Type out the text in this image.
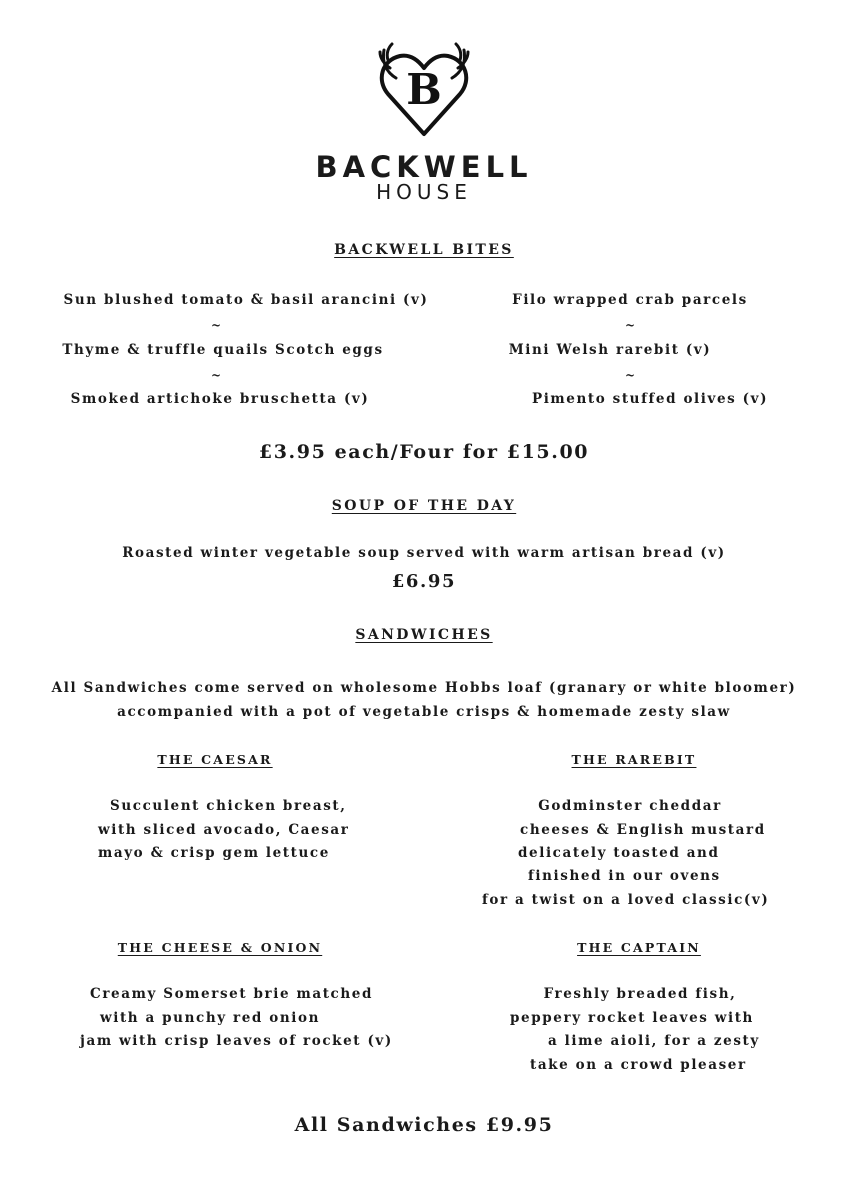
B
BACKWELL
HOUSE
BACKWELL BITES
Sun blushed tomato & basil arancini (v)
~
Thyme & truffle quails Scotch eggs
~
Smoked artichoke bruschetta (v)
Filo wrapped crab parcels
~
Mini Welsh rarebit (v)
~
Pimento stuffed olives (v)
£3.95 each/Four for £15.00
SOUP OF THE DAY
Roasted winter vegetable soup served with warm artisan bread (v)
£6.95
SANDWICHES
All Sandwiches come served on wholesome Hobbs loaf (granary or white bloomer)
accompanied with a pot of vegetable crisps & homemade zesty slaw
THE CAESAR
Succulent chicken breast,
with sliced avocado, Caesar
mayo & crisp gem lettuce
THE RAREBIT
Godminster cheddar
cheeses & English mustard
delicately toasted and
finished in our ovens
for a twist on a loved classic(v)
THE CHEESE & ONION
Creamy Somerset brie matched
with a punchy red onion
jam with crisp leaves of rocket (v)
THE CAPTAIN
Freshly breaded fish,
peppery rocket leaves with
a lime aioli, for a zesty
take on a crowd pleaser
All Sandwiches £9.95
